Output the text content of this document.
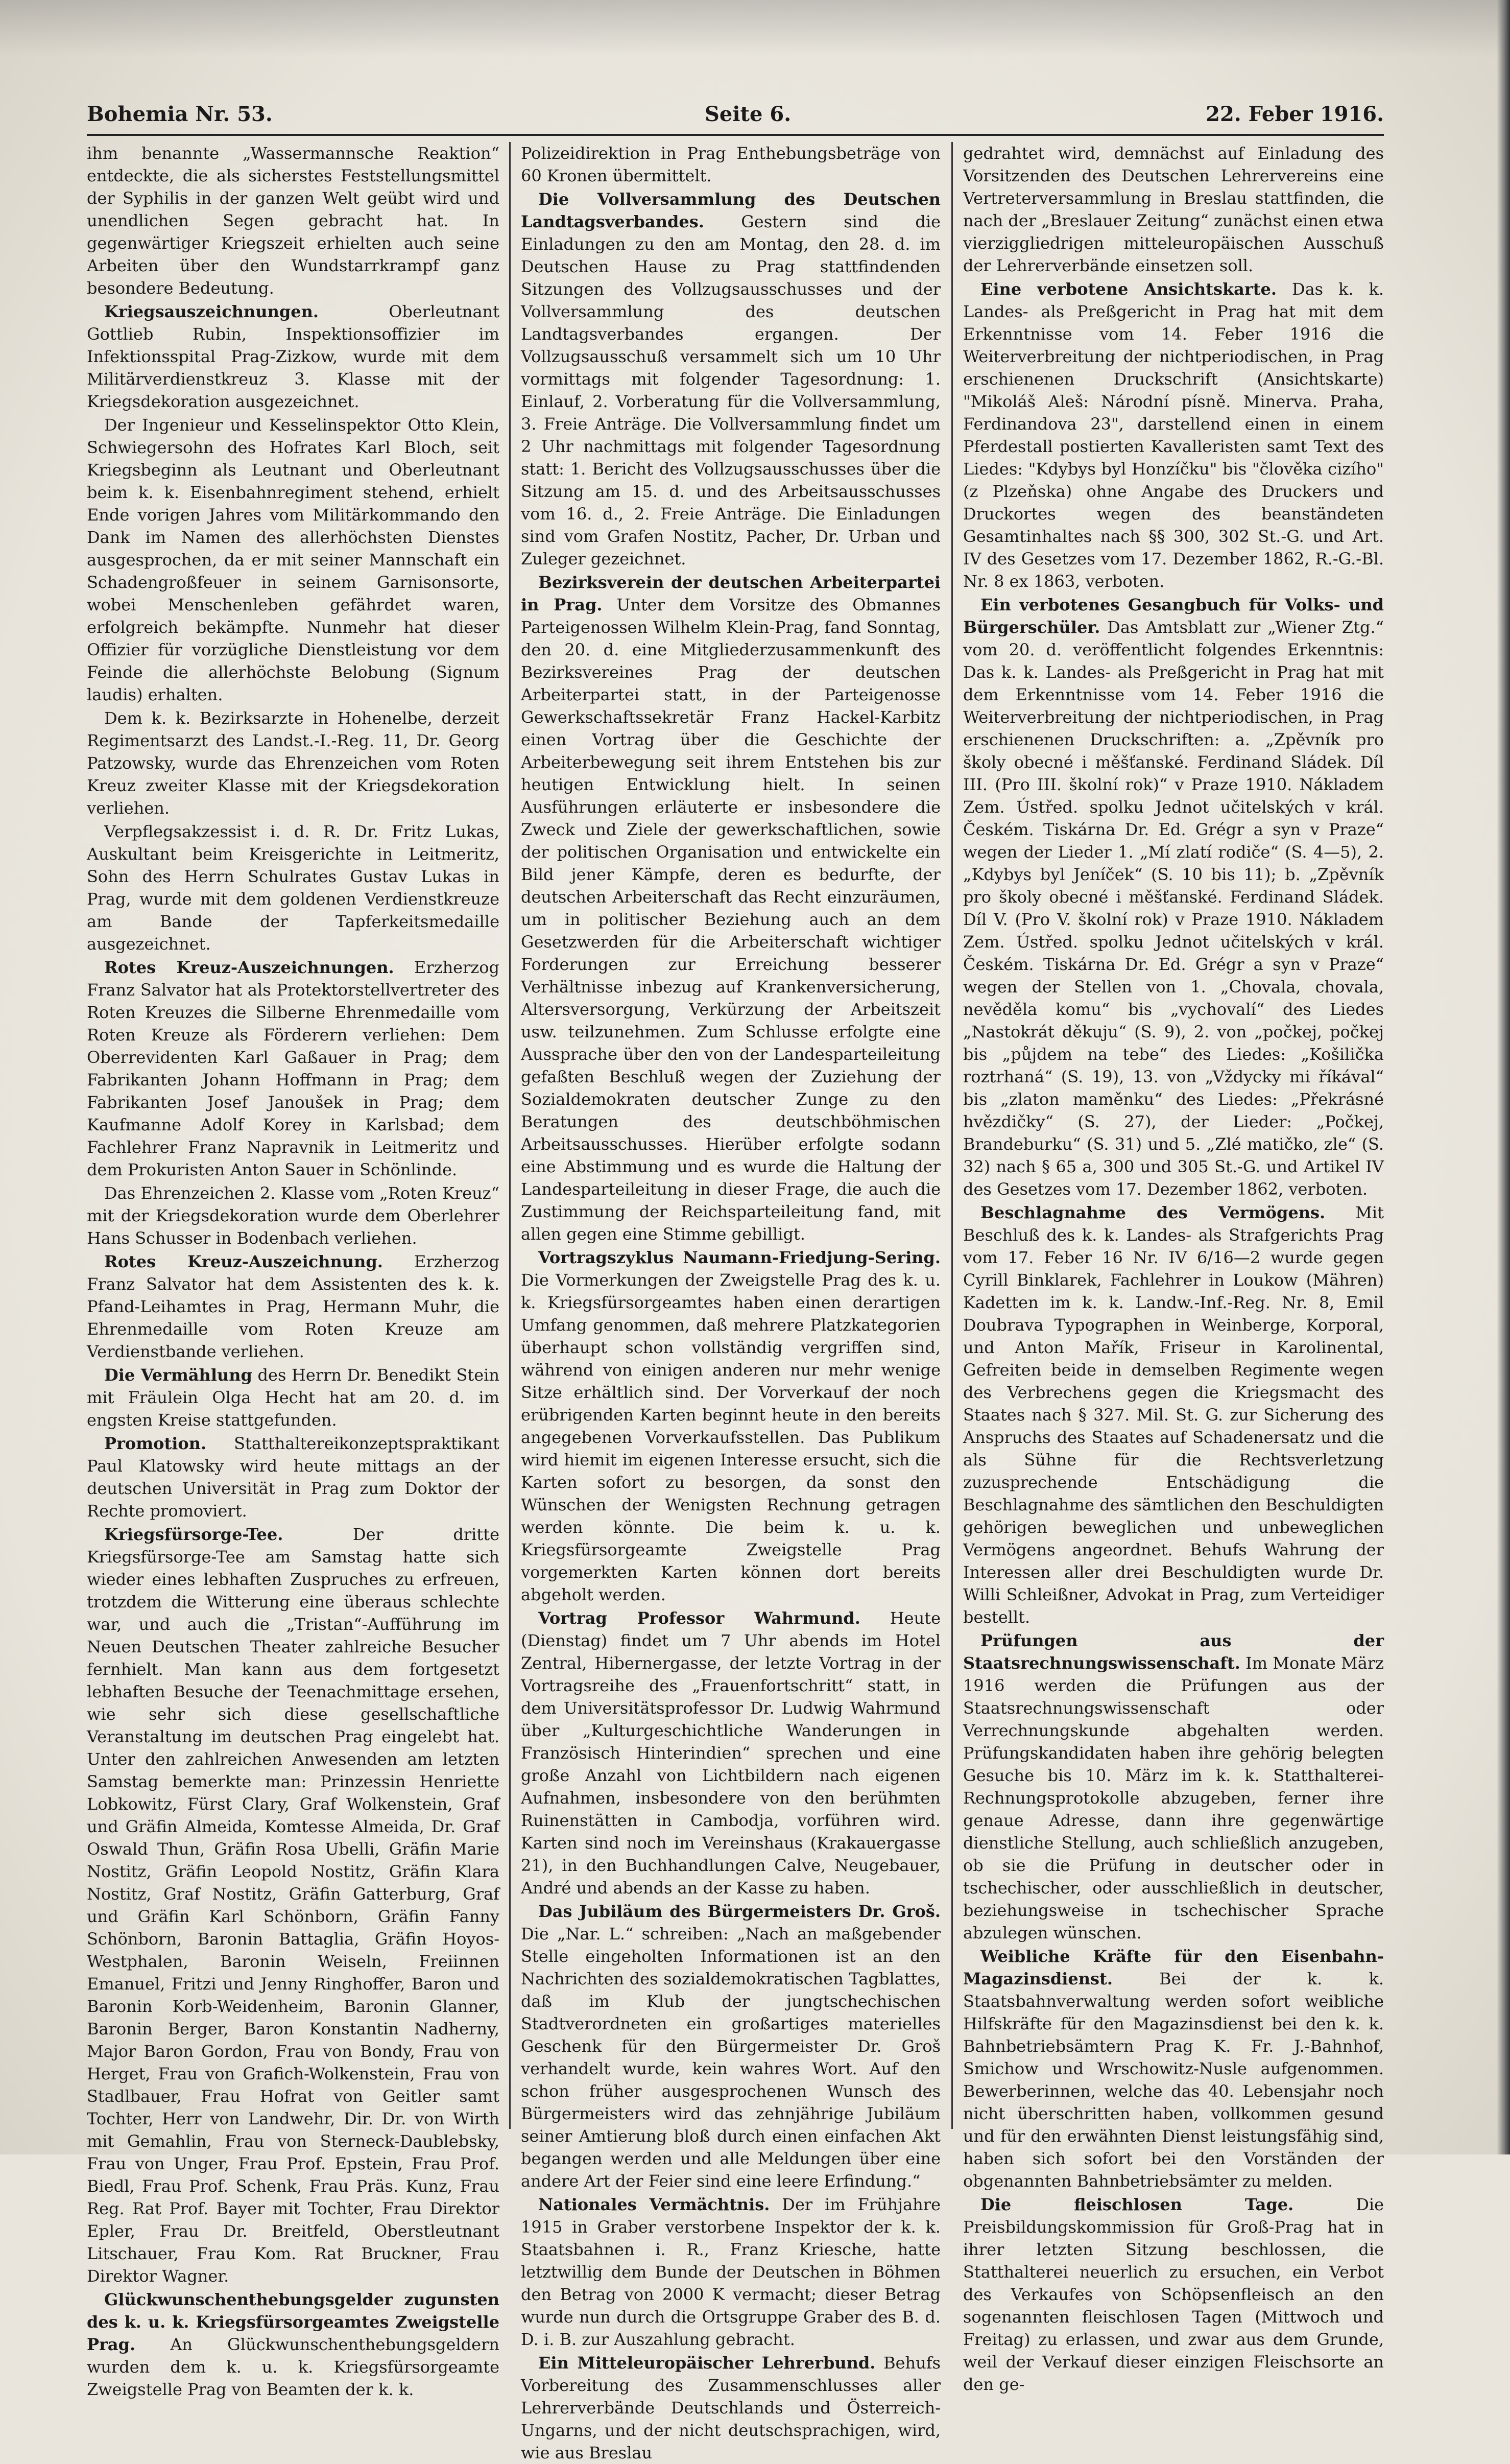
Bohemia Nr. 53.	Seite 6.	22. Feber 1916.

ihm benannte „Wassermannsche Reaktion“ entdeckte, die als sicherstes Feststellungsmittel der Syphilis in der ganzen Welt geübt wird und unendlichen Segen gebracht hat. In gegenwärtiger Kriegszeit erhielten auch seine Arbeiten über den Wundstarrkrampf ganz besondere Bedeutung.

Kriegsauszeichnungen.	Oberleutnant Gottlieb Rubin, Inspektionsoffizier im Infektionsspital Prag-Zizkow, wurde mit dem Militärverdienstkreuz 3. Klasse mit der Kriegsdekoration ausgezeichnet.

Der Ingenieur und Kesselinspektor Otto Klein, Schwiegersohn des Hofrates Karl Bloch, seit Kriegsbeginn als Leutnant und Oberleutnant beim k. k. Eisenbahnregiment stehend, erhielt Ende vorigen Jahres vom Militärkommando den Dank im Namen des allerhöchsten Dienstes ausgesprochen, da er mit seiner Mannschaft ein Schadengroßfeuer in seinem Garnisonsorte, wobei Menschenleben gefährdet waren, erfolgreich bekämpfte. Nunmehr hat dieser Offizier für vorzügliche Dienstleistung vor dem Feinde die allerhöchste Belobung (Signum laudis) erhalten.

Dem k. k. Bezirksarzte in Hohenelbe, derzeit Regimentsarzt des Landst.-I.-Reg. 11, Dr. Georg Patzowsky, wurde das Ehrenzeichen vom Roten Kreuz zweiter Klasse mit der Kriegsdekoration verliehen.

Verpflegsakzessist i. d. R. Dr. Fritz Lukas, Auskultant beim Kreisgerichte in Leitmeritz, Sohn des Herrn Schulrates Gustav Lukas in Prag, wurde mit dem goldenen Verdienstkreuze am Bande der Tapferkeitsmedaille ausgezeichnet.

Rotes Kreuz-Auszeichnungen. Erzherzog Franz Salvator hat als Protektorstellvertreter des Roten Kreuzes die Silberne Ehrenmedaille vom Roten Kreuze als Förderern verliehen: Dem Oberrevidenten Karl Gaßauer in Prag; dem Fabrikanten Johann Hoffmann in Prag; dem Fabrikanten Josef Janoušek in Prag; dem Kaufmanne Adolf Korey in Karlsbad; dem Fachlehrer Franz Napravnik in Leitmeritz und dem Prokuristen Anton Sauer in Schönlinde.

Das Ehrenzeichen 2. Klasse vom „Roten Kreuz“ mit der Kriegsdekoration wurde dem Oberlehrer Hans Schusser in Bodenbach verliehen.

Rotes Kreuz-Auszeichnung. Erzherzog Franz Salvator hat dem Assistenten des k. k. Pfand-Leihamtes in Prag, Hermann Muhr, die Ehrenmedaille vom Roten Kreuze am Verdienstbande verliehen.

Die Vermählung des Herrn Dr. Benedikt Stein mit Fräulein Olga Hecht hat am 20. d. im engsten Kreise stattgefunden.

Promotion. Statthaltereikonzeptspraktikant Paul Klatowsky wird heute mittags an der deutschen Universität in Prag zum Doktor der Rechte promoviert.

Kriegsfürsorge-Tee.	Der dritte Kriegsfürsorge-Tee am Samstag hatte sich wieder eines lebhaften Zuspruches zu erfreuen, trotzdem die Witterung eine überaus schlechte war, und auch die „Tristan“-Aufführung im Neuen Deutschen Theater zahlreiche Besucher fernhielt. Man kann aus dem fortgesetzt lebhaften Besuche der Teenachmittage ersehen, wie sehr sich diese gesellschaftliche Veranstaltung im deutschen Prag eingelebt hat. Unter den zahlreichen Anwesenden am letzten Samstag bemerkte man: Prinzessin Henriette Lobkowitz, Fürst Clary, Graf Wolkenstein, Graf und Gräfin Almeida, Komtesse Almeida, Dr. Graf Oswald Thun, Gräfin Rosa Ubelli, Gräfin Marie Nostitz, Gräfin Leopold Nostitz, Gräfin Klara Nostitz, Graf Nostitz, Gräfin Gatterburg, Graf und Gräfin Karl Schönborn, Gräfin Fanny Schönborn, Baronin Battaglia, Gräfin Hoyos-Westphalen, Baronin Weiseln, Freiinnen Emanuel, Fritzi und Jenny Ringhoffer, Baron und Baronin Korb-Weidenheim, Baronin Glanner, Baronin Berger, Baron Konstantin Nadherny, Major Baron Gordon, Frau von Bondy, Frau von Herget, Frau von Grafich-Wolkenstein, Frau von Stadlbauer, Frau Hofrat von Geitler samt Tochter, Herr von Landwehr, Dir. Dr. von Wirth mit Gemahlin, Frau von Sterneck-Daublebsky, Frau von Unger, Frau Prof. Epstein, Frau Prof. Biedl, Frau Prof. Schenk, Frau Präs. Kunz, Frau Reg. Rat Prof. Bayer mit Tochter, Frau Direktor Epler, Frau Dr. Breitfeld, Oberstleutnant Litschauer, Frau Kom. Rat Bruckner, Frau Direktor Wagner.

Glückwunschenthebungsgelder zugunsten des k. u. k. Kriegsfürsorgeamtes Zweigstelle Prag. An Glückwunschenthebungsgeldern wurden dem k. u. k. Kriegsfürsorgeamte Zweigstelle Prag von Beamten der k. k.

Polizeidirektion in Prag Enthebungsbeträge von 60 Kronen übermittelt.

Die Vollversammlung des Deutschen Landtagsverbandes. Gestern sind die Einladungen zu den am Montag, den 28. d. im Deutschen Hause zu Prag stattfindenden Sitzungen des Vollzugsausschusses und der Vollversammlung des deutschen Landtagsverbandes ergangen. Der Vollzugsausschuß versammelt sich um 10 Uhr vormittags mit folgender Tagesordnung: 1. Einlauf, 2. Vorberatung für die Vollversammlung, 3. Freie Anträge. Die Vollversammlung findet um 2 Uhr nachmittags mit folgender Tagesordnung statt: 1. Bericht des Vollzugsausschusses über die Sitzung am 15. d. und des Arbeitsausschusses vom 16. d., 2. Freie Anträge. Die Einladungen sind vom Grafen Nostitz, Pacher, Dr. Urban und Zuleger gezeichnet.

Bezirksverein der deutschen Arbeiterpartei in Prag. Unter dem Vorsitze des Obmannes Parteigenossen Wilhelm Klein-Prag, fand Sonntag, den 20. d. eine Mitgliederzusammenkunft des Bezirksvereines Prag der deutschen Arbeiterpartei statt, in der Parteigenosse Gewerkschaftssekretär Franz Hackel-Karbitz einen Vortrag über die Geschichte der Arbeiterbewegung seit ihrem Entstehen bis zur heutigen Entwicklung hielt. In seinen Ausführungen erläuterte er insbesondere die Zweck und Ziele der gewerkschaftlichen, sowie der politischen Organisation und entwickelte ein Bild jener Kämpfe, deren es bedurfte, der deutschen Arbeiterschaft das Recht einzuräumen, um in politischer Beziehung auch an dem Gesetzwerden für die Arbeiterschaft wichtiger Forderungen zur Erreichung besserer Verhältnisse inbezug auf Krankenversicherung, Altersversorgung, Verkürzung der Arbeitszeit usw. teilzunehmen. Zum Schlusse erfolgte eine Aussprache über den von der Landesparteileitung gefaßten Beschluß wegen der Zuziehung der Sozialdemokraten deutscher Zunge zu den Beratungen des deutschböhmischen Arbeitsausschusses. Hierüber erfolgte sodann eine Abstimmung und es wurde die Haltung der Landesparteileitung in dieser Frage, die auch die Zustimmung der Reichsparteileitung fand, mit allen gegen eine Stimme gebilligt.

Vortragszyklus Naumann-Friedjung-Sering. Die Vormerkungen der Zweigstelle Prag des k. u. k. Kriegsfürsorgeamtes haben einen derartigen Umfang genommen, daß mehrere Platzkategorien überhaupt schon vollständig vergriffen sind, während von einigen anderen nur mehr wenige Sitze erhältlich sind. Der Vorverkauf der noch erübrigenden Karten beginnt heute in den bereits angegebenen Vorverkaufsstellen. Das Publikum wird hiemit im eigenen Interesse ersucht, sich die Karten sofort zu besorgen, da sonst den Wünschen der Wenigsten Rechnung getragen werden könnte. Die beim k. u. k. Kriegsfürsorgeamte Zweigstelle Prag vorgemerkten Karten können dort bereits abgeholt werden.

Vortrag Professor Wahrmund. Heute (Dienstag) findet um 7 Uhr abends im Hotel Zentral, Hibernergasse, der letzte Vortrag in der Vortragsreihe des „Frauenfortschritt“ statt, in dem Universitätsprofessor Dr. Ludwig Wahrmund über „Kulturgeschichtliche Wanderungen in Französisch Hinterindien“ sprechen und eine große Anzahl von Lichtbildern nach eigenen Aufnahmen, insbesondere von den berühmten Ruinenstätten in Cambodja, vorführen wird. Karten sind noch im Vereinshaus (Krakauergasse 21), in den Buchhandlungen Calve, Neugebauer, André und abends an der Kasse zu haben.

Das Jubiläum des Bürgermeisters Dr. Groš. Die „Nar. L.“ schreiben: „Nach an maßgebender Stelle eingeholten Informationen ist an den Nachrichten des sozialdemokratischen Tagblattes, daß im Klub der jungtschechischen Stadtverordneten ein großartiges materielles Geschenk für den Bürgermeister Dr. Groš verhandelt wurde, kein wahres Wort. Auf den schon früher ausgesprochenen Wunsch des Bürgermeisters wird das zehnjährige Jubiläum seiner Amtierung bloß durch einen einfachen Akt begangen werden und alle Meldungen über eine andere Art der Feier sind eine leere Erfindung.“

Nationales Vermächtnis. Der im Frühjahre 1915 in Graber verstorbene Inspektor der k. k. Staatsbahnen i. R., Franz Kriesche, hatte letztwillig dem Bunde der Deutschen in Böhmen den Betrag von 2000 K vermacht; dieser Betrag wurde nun durch die Ortsgruppe Graber des B. d. D. i. B. zur Auszahlung gebracht.

Ein Mitteleuropäischer Lehrerbund. Behufs Vorbereitung des Zusammenschlusses aller Lehrerverbände Deutschlands und Österreich-Ungarns, und der nicht deutschsprachigen, wird, wie aus Breslau

gedrahtet wird, demnächst auf Einladung des Vorsitzenden des Deutschen Lehrervereins eine Vertreterversammlung in Breslau stattfinden, die nach der „Breslauer Zeitung“ zunächst einen etwa vierziggliedrigen mitteleuropäischen Ausschuß der Lehrerverbände einsetzen soll.

Eine verbotene Ansichtskarte. Das k. k. Landes- als Preßgericht in Prag hat mit dem Erkenntnisse vom 14. Feber 1916 die Weiterverbreitung der nichtperiodischen, in Prag erschienenen Druckschrift (Ansichtskarte) "Mikoláš Aleš: Národní písně. Minerva. Praha, Ferdinandova 23", darstellend einen in einem Pferdestall postierten Kavalleristen samt Text des Liedes: "Kdybys byl Honzíčku" bis "člověka cizího" (z Plzeňska) ohne Angabe des Druckers und Druckortes wegen des beanständeten Gesamtinhaltes nach §§ 300, 302 St.-G. und Art. IV des Gesetzes vom 17. Dezember 1862, R.-G.-Bl. Nr. 8 ex 1863, verboten.

Ein verbotenes Gesangbuch für Volks- und Bürgerschüler. Das Amtsblatt zur „Wiener Ztg.“ vom 20. d. veröffentlicht folgendes Erkenntnis: Das k. k. Landes- als Preßgericht in Prag hat mit dem Erkenntnisse vom 14. Feber 1916 die Weiterverbreitung der nichtperiodischen, in Prag erschienenen Druckschriften: a. „Zpěvník pro školy obecné i měšťanské. Ferdinand Sládek. Díl III. (Pro III. školní rok)“ v Praze 1910. Nákladem Zem. Ústřed. spolku Jednot učitelských v král. Českém. Tiskárna Dr. Ed. Grégr a syn v Praze“ wegen der Lieder 1. „Mí zlatí rodiče“ (S. 4—5), 2. „Kdybys byl Jeníček“ (S. 10 bis 11); b. „Zpěvník pro školy obecné i měšťanské. Ferdinand Sládek. Díl V. (Pro V. školní rok) v Praze 1910. Nákladem Zem. Ústřed. spolku Jednot učitelských v král. Českém. Tiskárna Dr. Ed. Grégr a syn v Praze“ wegen der Stellen von 1. „Chovala, chovala, nevěděla komu“ bis „vychovalí“ des Liedes „Nastokrát děkuju“ (S. 9), 2. von „počkej, počkej bis „půjdem na tebe“ des Liedes: „Košilička roztrhaná“ (S. 19), 13. von „Vždycky mi říkával“ bis „zlaton maměnku“ des Liedes: „Překrásné hvězdičky“ (S. 27), der Lieder: „Počkej, Brandeburku“ (S. 31) und 5. „Zlé matičko, zle“ (S. 32) nach § 65 a, 300 und 305 St.-G. und Artikel IV des Gesetzes vom 17. Dezember 1862, verboten.

Beschlagnahme des Vermögens. Mit Beschluß des k. k. Landes- als Strafgerichts Prag vom 17. Feber 16 Nr. IV 6/16—2 wurde gegen Cyrill Binklarek, Fachlehrer in Loukow (Mähren) Kadetten im k. k. Landw.-Inf.-Reg. Nr. 8, Emil Doubrava Typographen in Weinberge, Korporal, und Anton Mařík, Friseur in Karolinental, Gefreiten beide in demselben Regimente wegen des Verbrechens gegen die Kriegsmacht des Staates nach § 327. Mil. St. G. zur Sicherung des Anspruchs des Staates auf Schadenersatz und die als Sühne für die Rechtsverletzung zuzusprechende Entschädigung die Beschlagnahme des sämtlichen den Beschuldigten gehörigen beweglichen und unbeweglichen Vermögens angeordnet. Behufs Wahrung der Interessen aller drei Beschuldigten wurde Dr. Willi Schleißner, Advokat in Prag, zum Verteidiger bestellt.

Prüfungen aus der Staatsrechnungswissenschaft. Im Monate März 1916 werden die Prüfungen aus der Staatsrechnungswissenschaft oder Verrechnungskunde abgehalten werden. Prüfungskandidaten haben ihre gehörig belegten Gesuche bis 10. März im k. k. Statthalterei-Rechnungsprotokolle abzugeben, ferner ihre genaue Adresse, dann ihre gegenwärtige dienstliche Stellung, auch schließlich anzugeben, ob sie die Prüfung in deutscher oder in tschechischer, oder ausschließlich in deutscher, beziehungsweise in tschechischer Sprache abzulegen wünschen.

Weibliche Kräfte für den Eisenbahn-Magazinsdienst.	Bei der k. k. Staatsbahnverwaltung werden sofort weibliche Hilfskräfte für den Magazinsdienst bei den k. k. Bahnbetriebsämtern Prag K. Fr. J.-Bahnhof, Smichow und Wrschowitz-Nusle aufgenommen. Bewerberinnen, welche das 40. Lebensjahr noch nicht überschritten haben, vollkommen gesund und für den erwähnten Dienst leistungsfähig sind, haben sich sofort bei den Vorständen der obgenannten Bahnbetriebsämter zu melden.

Die fleischlosen Tage.	Die Preisbildungskommission für Groß-Prag hat in ihrer letzten Sitzung beschlossen, die Statthalterei neuerlich zu ersuchen, ein Verbot des Verkaufes von Schöpsenfleisch an den sogenannten fleischlosen Tagen (Mittwoch und Freitag) zu erlassen, und zwar aus dem Grunde, weil der Verkauf dieser einzigen Fleischsorte an den ge-
